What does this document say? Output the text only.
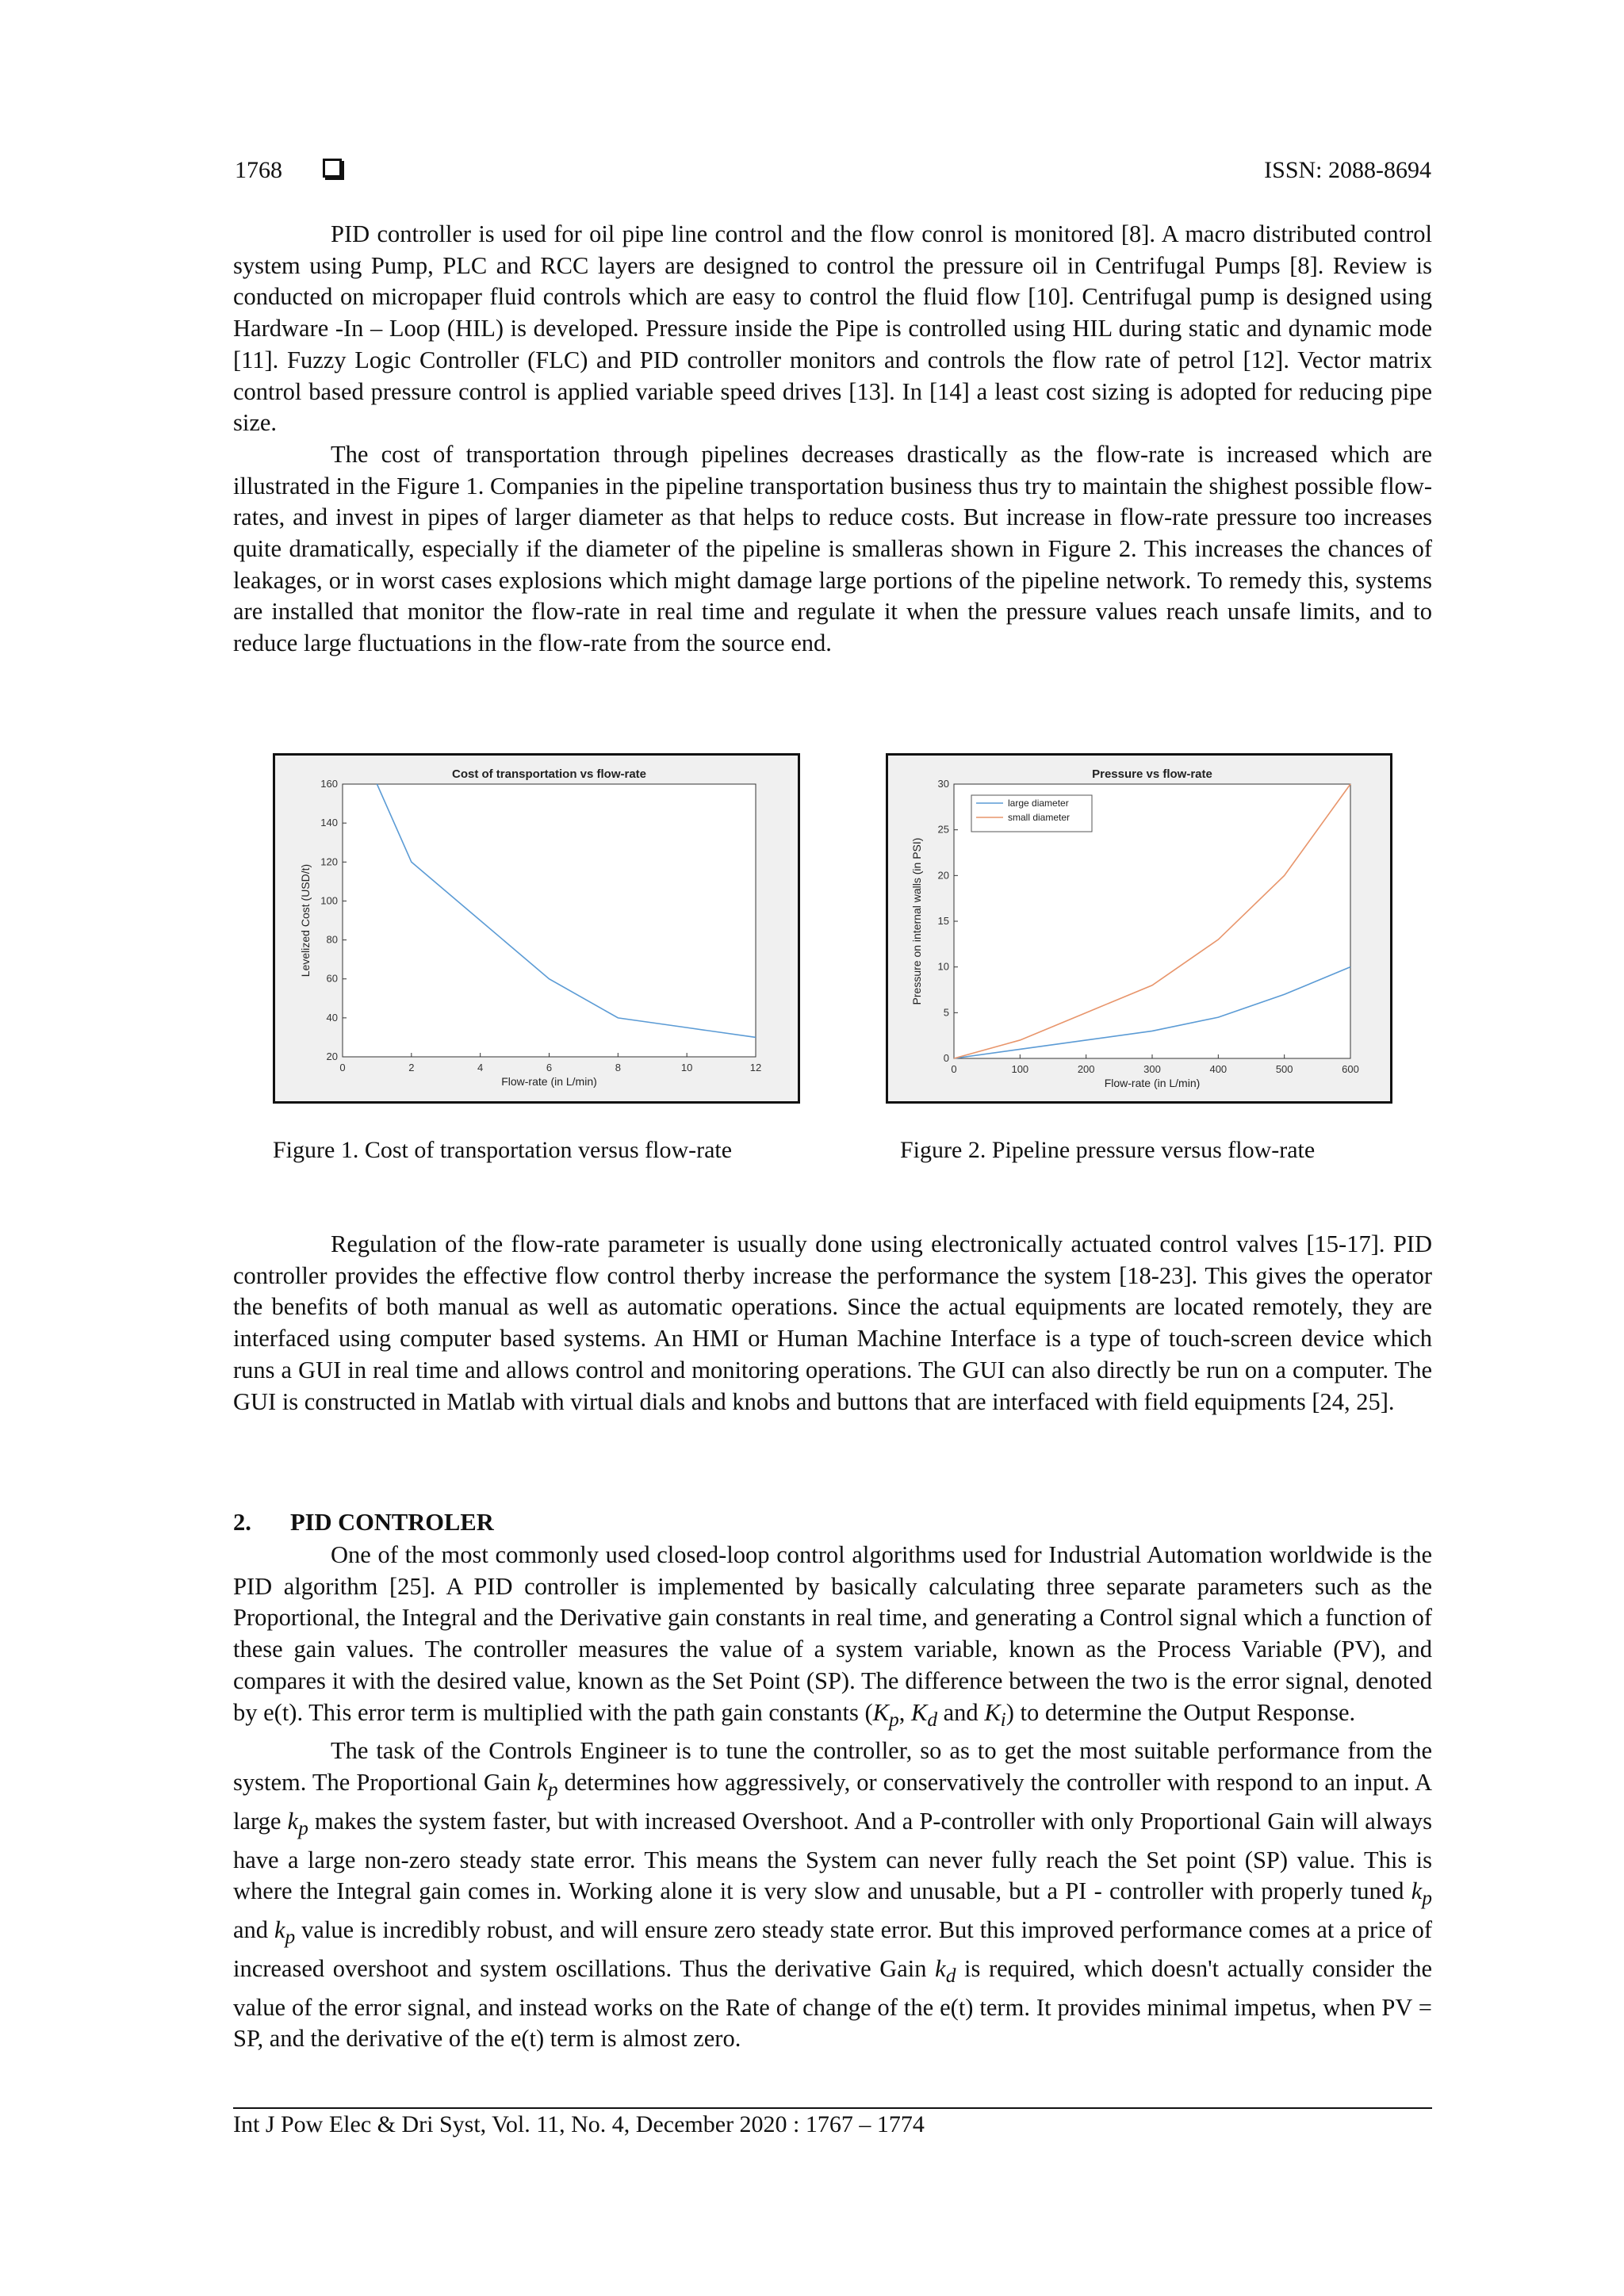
1768	ISSN: 2088-8694

PID controller is used for oil pipe line control and the flow conrol is monitored [8]. A macro distributed control system using Pump, PLC and RCC layers are designed to control the pressure oil in Centrifugal Pumps [8]. Review is conducted on micropaper fluid controls which are easy to control the fluid flow [10]. Centrifugal pump is designed using Hardware -In – Loop (HIL) is developed. Pressure inside the Pipe is controlled using HIL during static and dynamic mode [11]. Fuzzy Logic Controller (FLC) and PID controller monitors and controls the flow rate of petrol [12]. Vector matrix control based pressure control is applied variable speed drives [13]. In [14] a least cost sizing is adopted for reducing pipe size.

The cost of transportation through pipelines decreases drastically as the flow-rate is increased which are illustrated in the Figure 1. Companies in the pipeline transportation business thus try to maintain the shighest possible flow-rates, and invest in pipes of larger diameter as that helps to reduce costs. But increase in flow-rate pressure too increases quite dramatically, especially if the diameter of the pipeline is smalleras shown in Figure 2. This increases the chances of leakages, or in worst cases explosions which might damage large portions of the pipeline network. To remedy this, systems are installed that monitor the flow-rate in real time and regulate it when the pressure values reach unsafe limits, and to reduce large fluctuations in the flow-rate from the source end.

Cost of transportation vs flow-rate
0	2	4	6	8	10	12
20
40
60
80
100
120
140
160
Flow-rate (in L/min)
Levelized Cost (USD/t)
Figure 1. Cost of transportation versus flow-rate
Pressure vs flow-rate
0	100	200	300	400	500	600
0
5
10
15
20
25
30
Flow-rate (in L/min)
Pressure on internal walls (in PSI)
large diameter
small diameter
Figure 2. Pipeline pressure versus flow-rate

Regulation of the flow-rate parameter is usually done using electronically actuated control valves [15-17]. PID controller provides the effective flow control therby increase the performance the system [18-23]. This gives the operator the benefits of both manual as well as automatic operations. Since the actual equipments are located remotely, they are interfaced using computer based systems. An HMI or Human Machine Interface is a type of touch-screen device which runs a GUI in real time and allows control and monitoring operations. The GUI can also directly be run on a computer. The GUI is constructed in Matlab with virtual dials and knobs and buttons that are interfaced with field equipments [24, 25].

2. PID CONTROLER

One of the most commonly used closed-loop control algorithms used for Industrial Automation worldwide is the PID algorithm [25]. A PID controller is implemented by basically calculating three separate parameters such as the Proportional, the Integral and the Derivative gain constants in real time, and generating a Control signal which a function of these gain values. The controller measures the value of a system variable, known as the Process Variable (PV), and compares it with the desired value, known as the Set Point (SP). The difference between the two is the error signal, denoted by e(t). This error term is multiplied with the path gain constants ($K_p$, $K_d$ and $K_i$) to determine the Output Response.

The task of the Controls Engineer is to tune the controller, so as to get the most suitable performance from the system. The Proportional Gain $k_p$ determines how aggressively, or conservatively the controller with respond to an input. A large $k_p$ makes the system faster, but with increased Overshoot. And a P-controller with only Proportional Gain will always have a large non-zero steady state error. This means the System can never fully reach the Set point (SP) value. This is where the Integral gain comes in. Working alone it is very slow and unusable, but a PI - controller with properly tuned $k_p$ and $k_p$ value is incredibly robust, and will ensure zero steady state error. But this improved performance comes at a price of increased overshoot and system oscillations. Thus the derivative Gain $k_d$ is required, which doesn't actually consider the value of the error signal, and instead works on the Rate of change of the e(t) term. It provides minimal impetus, when PV = SP, and the derivative of the e(t) term is almost zero.

Int J Pow Elec & Dri Syst, Vol. 11, No. 4, December 2020 : 1767 – 1774
